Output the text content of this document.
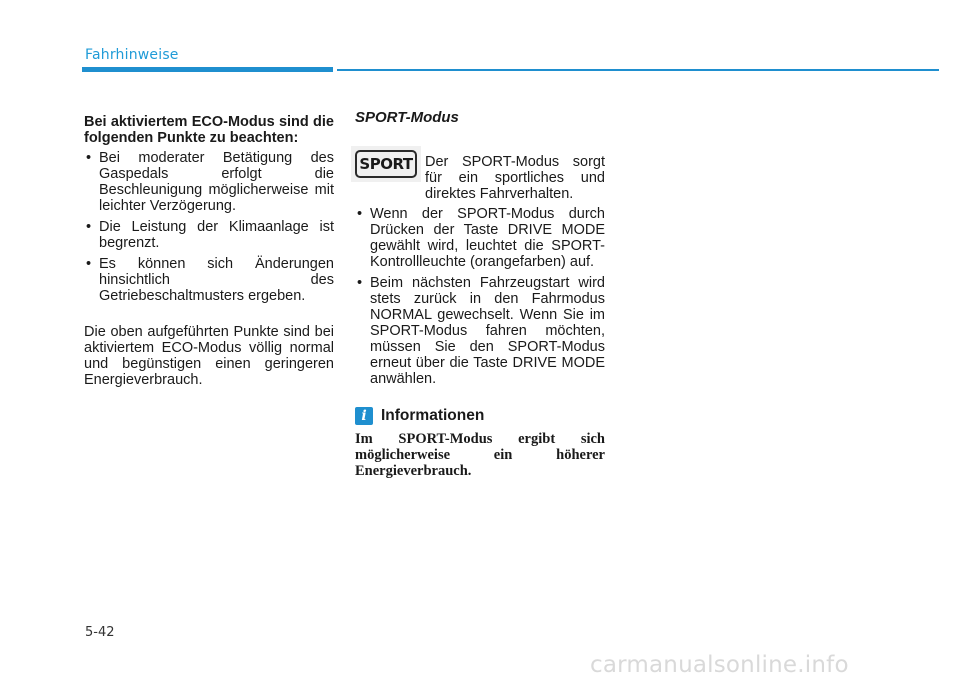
Fahrhinweise

Bei aktiviertem ECO-Modus sind die folgenden Punkte zu beachten:

• Bei moderater Betätigung des Gaspedals erfolgt die Beschleunigung möglicherweise mit leichter Verzögerung.
• Die Leistung der Klimaanlage ist begrenzt.
• Es können sich Änderungen hinsichtlich des Getriebeschaltmusters ergeben.

Die oben aufgeführten Punkte sind bei aktiviertem ECO-Modus völlig normal und begünstigen einen geringeren Energieverbrauch.

SPORT-Modus

SPORT Der SPORT-Modus sorgt für ein sportliches und direktes Fahrverhalten.

• Wenn der SPORT-Modus durch Drücken der Taste DRIVE MODE gewählt wird, leuchtet die SPORT-Kontrollleuchte (orangefarben) auf.
• Beim nächsten Fahrzeugstart wird stets zurück in den Fahrmodus NORMAL gewechselt. Wenn Sie im SPORT-Modus fahren möchten, müssen Sie den SPORT-Modus erneut über die Taste DRIVE MODE anwählen.
i Informationen

Im SPORT-Modus ergibt sich möglicherweise ein höherer Energieverbrauch.

5-42
carmanualsonline.info
